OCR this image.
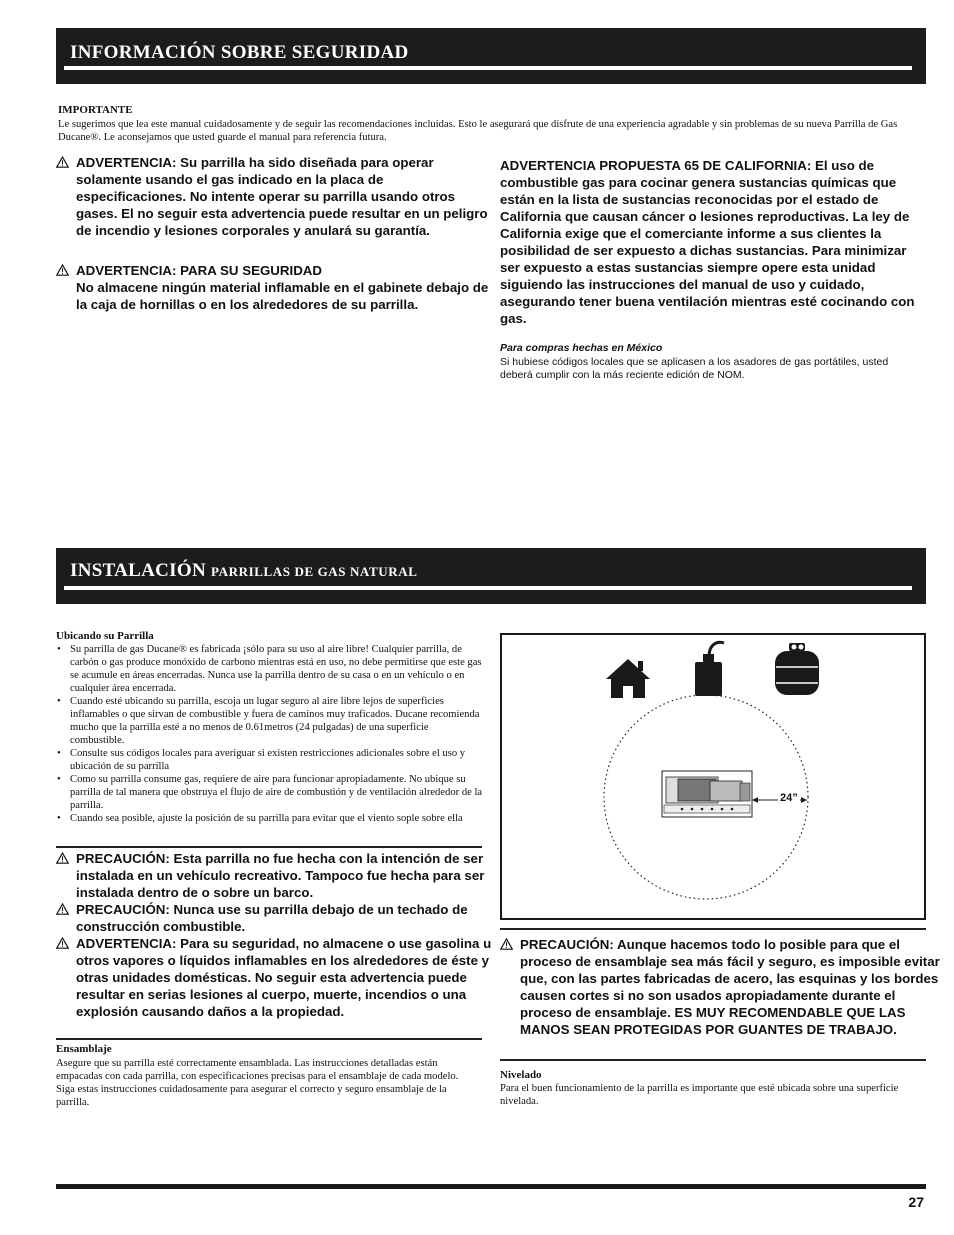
INFORMACIÓN SOBRE SEGURIDAD
IMPORTANTE
Le sugerimos que lea este manual cuidadosamente y de seguir las recomendaciones incluidas. Esto le asegurará que disfrute de una experiencia agradable y sin problemas de su nueva Parrilla de Gas Ducane®. Le aconsejamos que usted guarde el manual para referencia futura.
ADVERTENCIA: Su parrilla ha sido diseñada para operar solamente usando el gas indicado en la placa de especificaciones. No intente operar su parrilla usando otros gases. El no seguir esta advertencia puede resultar en un peligro de incendio y lesiones corporales y anulará su garantía.
ADVERTENCIA: PARA SU SEGURIDAD
No almacene ningún material inflamable en el gabinete debajo de la caja de hornillas o en los alrededores de su parrilla.
ADVERTENCIA PROPUESTA 65 DE CALIFORNIA: El uso de combustible gas para cocinar genera sustancias químicas que están en la lista de sustancias reconocidas por el estado de California que causan cáncer o lesiones reproductivas. La ley de California exige que el comerciante informe a sus clientes la posibilidad de ser expuesto a dichas sustancias. Para minimizar ser expuesto a estas sustancias siempre opere esta unidad siguiendo las instrucciones del manual de uso y cuidado, asegurando tener buena ventilación mientras esté cocinando con gas.
Para compras hechas en México
Si hubiese códigos locales que se aplicasen a los asadores de gas portátiles, usted deberá cumplir con la más reciente edición de NOM.
INSTALACIÓN PARRILLAS DE GAS NATURAL
Ubicando su Parrilla
• Su parrilla de gas Ducane® es fabricada ¡sólo para su uso al aire libre! Cualquier parrilla, de carbón o gas produce monóxido de carbono mientras está en uso, no debe permitirse que este gas se acumule en áreas encerradas. Nunca use la parrilla dentro de su casa o en un vehículo o en cualquier área encerrada.
• Cuando esté ubicando su parrilla, escoja un lugar seguro al aire libre lejos de superficies inflamables o que sirvan de combustible y fuera de caminos muy traficados. Ducane recomienda mucho que la parrilla esté a no menos de 0.61metros (24 pulgadas) de una superficie combustible.
• Consulte sus códigos locales para averiguar si existen restricciones adicionales sobre el uso y ubicación de su parrilla
• Como su parrilla consume gas, requiere de aire para funcionar apropiadamente. No ubique su parrilla de tal manera que obstruya el flujo de aire de combustión y de ventilación alrededor de la parrilla.
• Cuando sea posible, ajuste la posición de su parrilla para evitar que el viento sople sobre ella
PRECAUCIÓN: Esta parrilla no fue hecha con la intención de ser instalada en un vehículo recreativo. Tampoco fue hecha para ser instalada dentro de o sobre un barco.
PRECAUCIÓN: Nunca use su parrilla debajo de un techado de construcción combustible.
ADVERTENCIA: Para su seguridad, no almacene o use gasolina u otros vapores o líquidos inflamables en los alrededores de éste y otras unidades domésticas. No seguir esta advertencia puede resultar en serias lesiones al cuerpo, muerte, incendios o una explosión causando daños a la propiedad.
Ensamblaje
Asegure que su parrilla esté correctamente ensamblada. Las instrucciones detalladas están empacadas con cada parrilla, con especificaciones precisas para el ensamblaje de cada modelo. Siga estas instrucciones cuidadosamente para asegurar el correcto y seguro ensamblaje de la parrilla.
24”
PRECAUCIÓN: Aunque hacemos todo lo posible para que el proceso de ensamblaje sea más fácil y seguro, es imposible evitar que, con las partes fabricadas de acero, las esquinas y los bordes causen cortes si no son usados apropiadamente durante el proceso de ensamblaje. ES MUY RECOMENDABLE QUE LAS MANOS SEAN PROTEGIDAS POR GUANTES DE TRABAJO.
Nivelado
Para el buen funcionamiento de la parrilla es importante que esté ubicada sobre una superficie nivelada.
27
